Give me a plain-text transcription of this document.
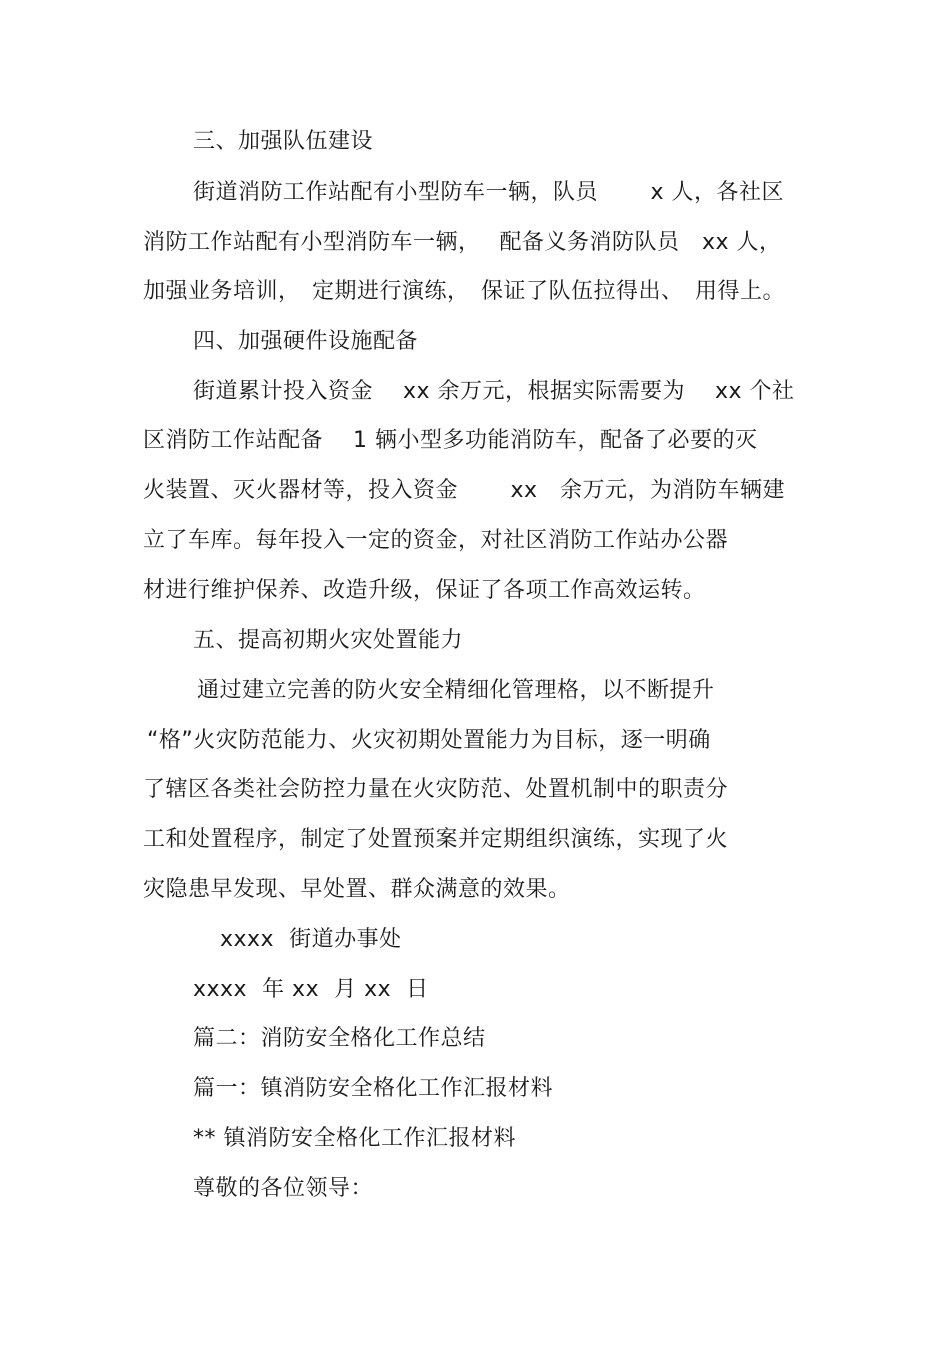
三、加强队伍建设
街道消防工作站配有小型防车一辆，队员　　 x 人，各社区
消防工作站配有小型消防车一辆，　 配备义务消防队员　xx 人，
加强业务培训，　定期进行演练，　保证了队伍拉得出、　用得上。
四、加强硬件设施配备
街道累计投入资金　 xx 余万元，根据实际需要为　 xx 个社
区消防工作站配备　 1 辆小型多功能消防车，配备了必要的灭
火装置、灭火器材等，投入资金　　 xx　余万元，为消防车辆建
立了车库。每年投入一定的资金，对社区消防工作站办公器
材进行维护保养、改造升级，保证了各项工作高效运转。
五、提高初期火灾处置能力
通过建立完善的防火安全精细化管理格，以不断提升
“格”火灾防范能力、火灾初期处置能力为目标，逐一明确
了辖区各类社会防控力量在火灾防范、处置机制中的职责分
工和处置程序，制定了处置预案并定期组织演练，实现了火
灾隐患早发现、早处置、群众满意的效果。
xxxx  街道办事处
xxxx  年 xx  月 xx  日
篇二：消防安全格化工作总结
篇一：镇消防安全格化工作汇报材料
** 镇消防安全格化工作汇报材料
尊敬的各位领导：
